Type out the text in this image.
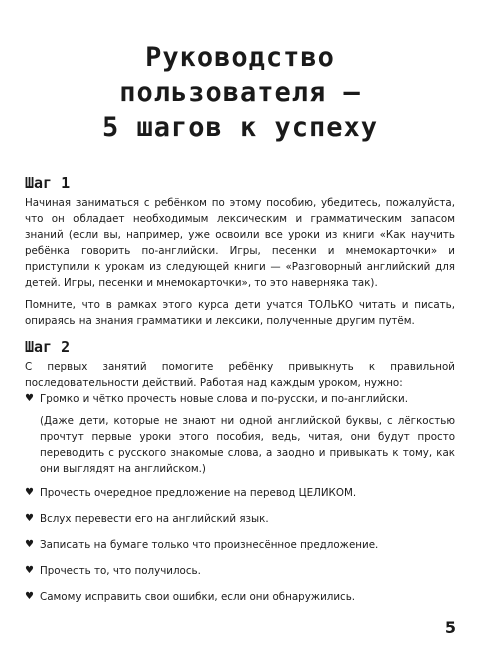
Руководство
пользователя —
5 шагов к успеху
Шаг 1

Начиная заниматься с ребёнком по этому пособию, убедитесь, пожалуйста, что он обладает необходимым лексическим и грамматическим запасом знаний (если вы, например, уже освоили все уроки из книги «Как научить ребёнка говорить по-английски. Игры, песенки и мнемокарточки» и приступили к урокам из следующей книги — «Разговорный английский для детей. Игры, песенки и мнемокарточки», то это наверняка так).

Помните, что в рамках этого курса дети учатся ТОЛЬКО читать и писать, опираясь на знания грамматики и лексики, полученные другим путём.

Шаг 2

С первых занятий помогите ребёнку привыкнуть к правильной последовательности действий. Работая над каждым уроком, нужно:

♥ Громко и чётко прочесть новые слова и по-русски, и по-английски.
(Даже дети, которые не знают ни одной английской буквы, с лёгкостью прочтут первые уроки этого пособия, ведь, читая, они будут просто переводить с русского знакомые слова, а заодно и привыкать к тому, как они выглядят на английском.)
♥ Прочесть очередное предложение на перевод ЦЕЛИКОМ.
♥ Вслух перевести его на английский язык.
♥ Записать на бумаге только что произнесённое предложение.
♥ Прочесть то, что получилось.
♥ Самому исправить свои ошибки, если они обнаружились.
5
